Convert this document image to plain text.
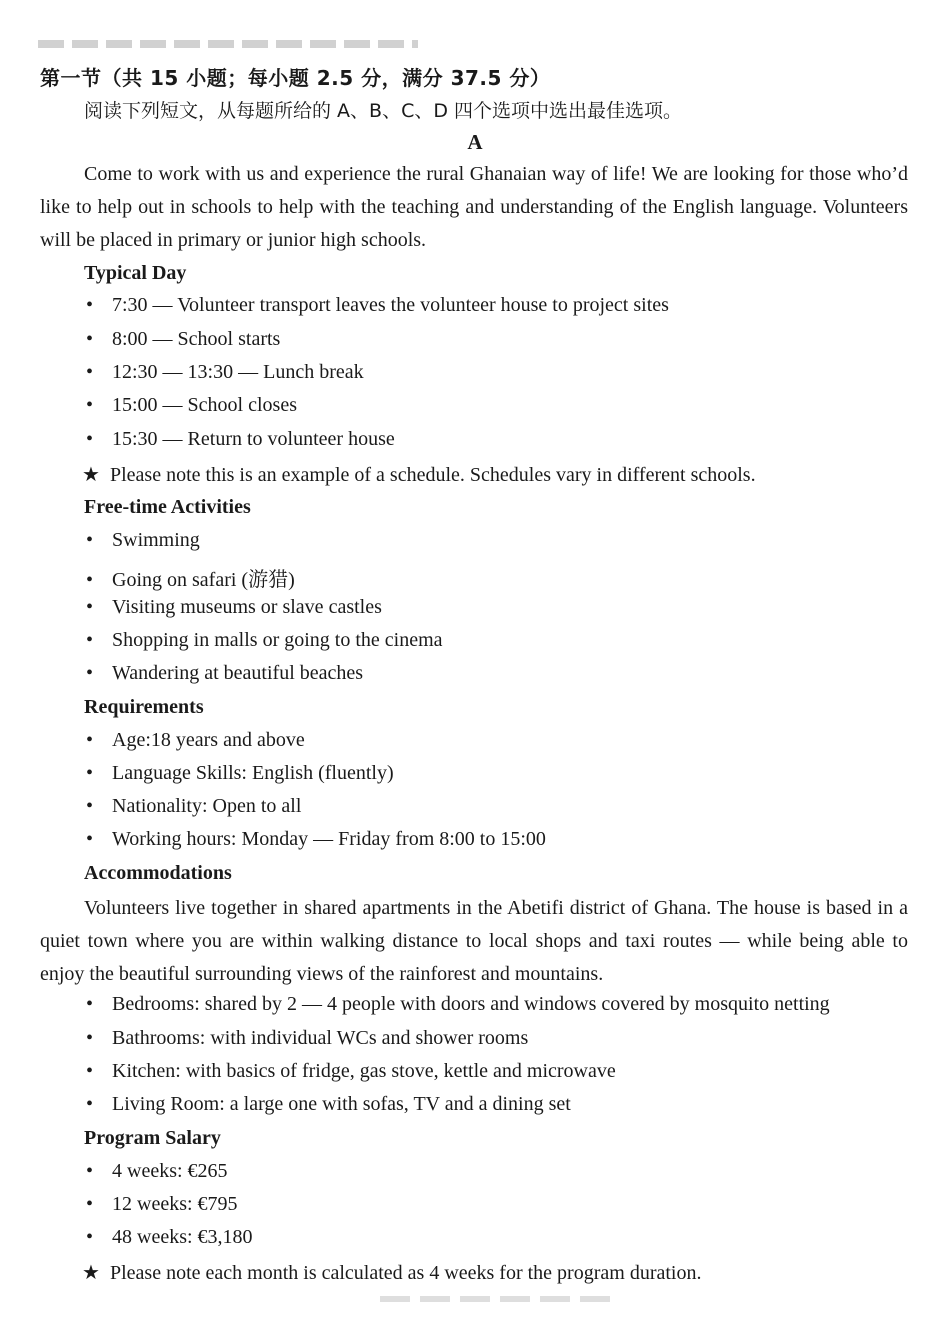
第一节（共 15 小题；每小题 2.5 分，满分 37.5 分）
阅读下列短文，从每题所给的 A、B、C、D 四个选项中选出最佳选项。
A

Come to work with us and experience the rural Ghanaian way of life! We are looking for those who’d like to help out in schools to help with the teaching and understanding of the English language. Volunteers will be placed in primary or junior high schools.

Typical Day
• 7:30 — Volunteer transport leaves the volunteer house to project sites
• 8:00 — School starts
• 12:30 — 13:30 — Lunch break
• 15:00 — School closes
• 15:30 — Return to volunteer house
★ Please note this is an example of a schedule. Schedules vary in different schools.
Free-time Activities
• Swimming
• Going on safari (游猎)
• Visiting museums or slave castles
• Shopping in malls or going to the cinema
• Wandering at beautiful beaches
Requirements
• Age:18 years and above
• Language Skills: English (fluently)
• Nationality: Open to all
• Working hours: Monday — Friday from 8:00 to 15:00
Accommodations

Volunteers live together in shared apartments in the Abetifi district of Ghana. The house is based in a quiet town where you are within walking distance to local shops and taxi routes — while being able to enjoy the beautiful surrounding views of the rainforest and mountains.

• Bedrooms: shared by 2 — 4 people with doors and windows covered by mosquito netting
• Bathrooms: with individual WCs and shower rooms
• Kitchen: with basics of fridge, gas stove, kettle and microwave
• Living Room: a large one with sofas, TV and a dining set
Program Salary
• 4 weeks: €265
• 12 weeks: €795
• 48 weeks: €3,180
★ Please note each month is calculated as 4 weeks for the program duration.
